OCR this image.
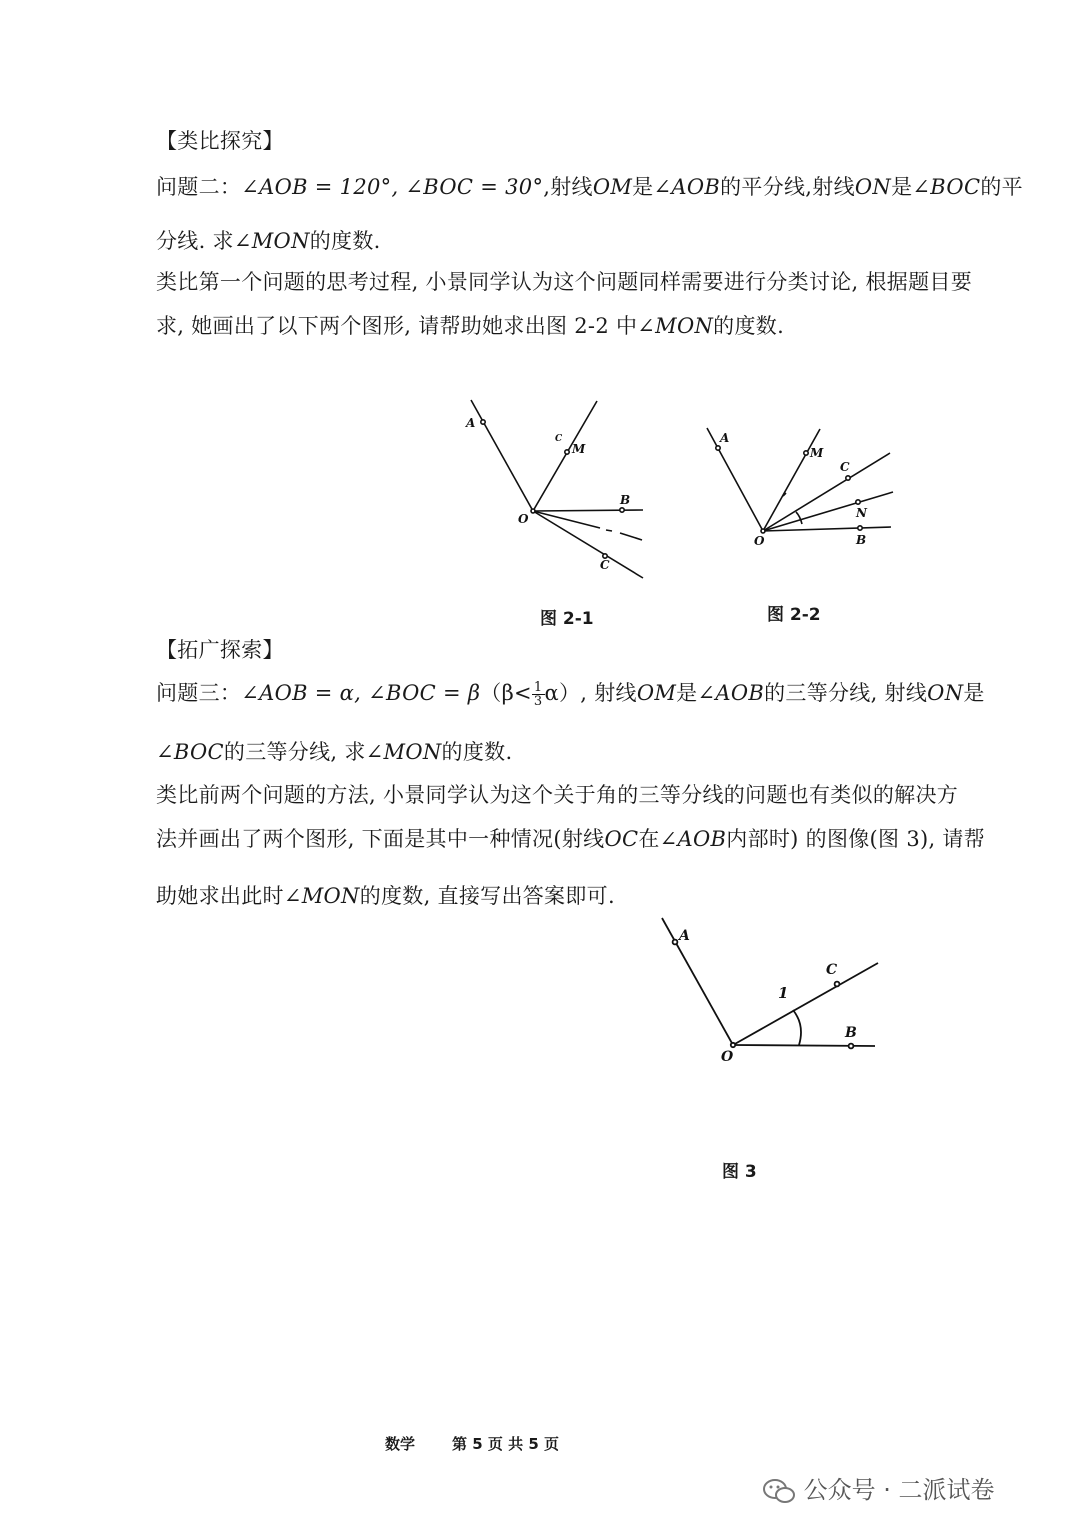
【类比探究】
问题二：∠AOB = 120°, ∠BOC = 30°,射线OM是∠AOB的平分线,射线ON是∠BOC的平
分线. 求∠MON的度数.
类比第一个问题的思考过程, 小景同学认为这个问题同样需要进行分类讨论, 根据题目要
求, 她画出了以下两个图形, 请帮助她求出图 2-2 中∠MON的度数.
A
C
M
B
O
C
A
M
C
N
B
O
A
C
B
O
1
图 2-1	图 2-2
【拓广探索】
问题三：∠AOB = α, ∠BOC = $\beta(\beta< \frac{1}{3} \alpha)$, 射线OM是∠AOB的三等分线, 射线ON是
∠BOC的三等分线, 求∠MON的度数.
类比前两个问题的方法, 小景同学认为这个关于角的三等分线的问题也有类似的解决方
法并画出了两个图形, 下面是其中一种情况(射线OC在∠AOB内部时) 的图像(图 3), 请帮
助她求出此时∠MON的度数, 直接写出答案即可.
图 3
数学 第 5 页 共 5 页
公众号 · 二派试卷
